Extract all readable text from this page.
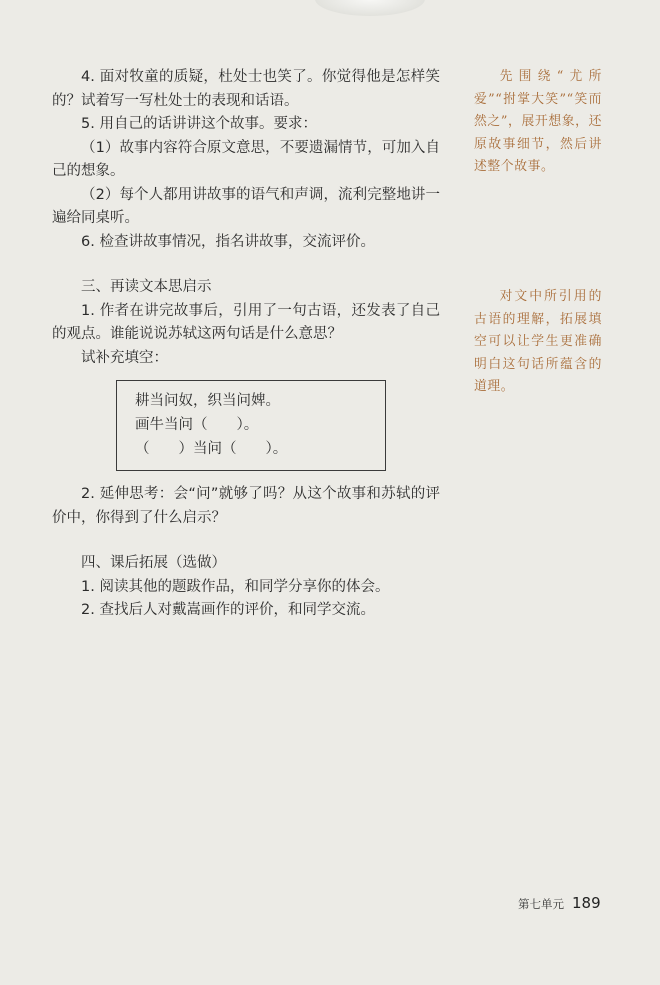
4. 面对牧童的质疑，杜处士也笑了。你觉得他是怎样笑的？试着写一写杜处士的表现和话语。

5. 用自己的话讲讲这个故事。要求：

（1）故事内容符合原文意思，不要遗漏情节，可加入自己的想象。

（2）每个人都用讲故事的语气和声调，流利完整地讲一遍给同桌听。

6. 检查讲故事情况，指名讲故事，交流评价。

三、再读文本思启示

1. 作者在讲完故事后，引用了一句古语，还发表了自己的观点。谁能说说苏轼这两句话是什么意思？

试补充填空：

耕当问奴，织当问婢。
画牛当问（　　）。
（　　）当问（　　）。

2. 延伸思考：会“问”就够了吗？从这个故事和苏轼的评价中，你得到了什么启示？

四、课后拓展（选做）

1. 阅读其他的题跋作品，和同学分享你的体会。

2. 查找后人对戴嵩画作的评价，和同学交流。

先围绕“尤所爱”“拊掌大笑”“笑而然之”，展开想象，还原故事细节，然后讲述整个故事。

对文中所引用的古语的理解，拓展填空可以让学生更准确明白这句话所蕴含的道理。

第七单元 189
